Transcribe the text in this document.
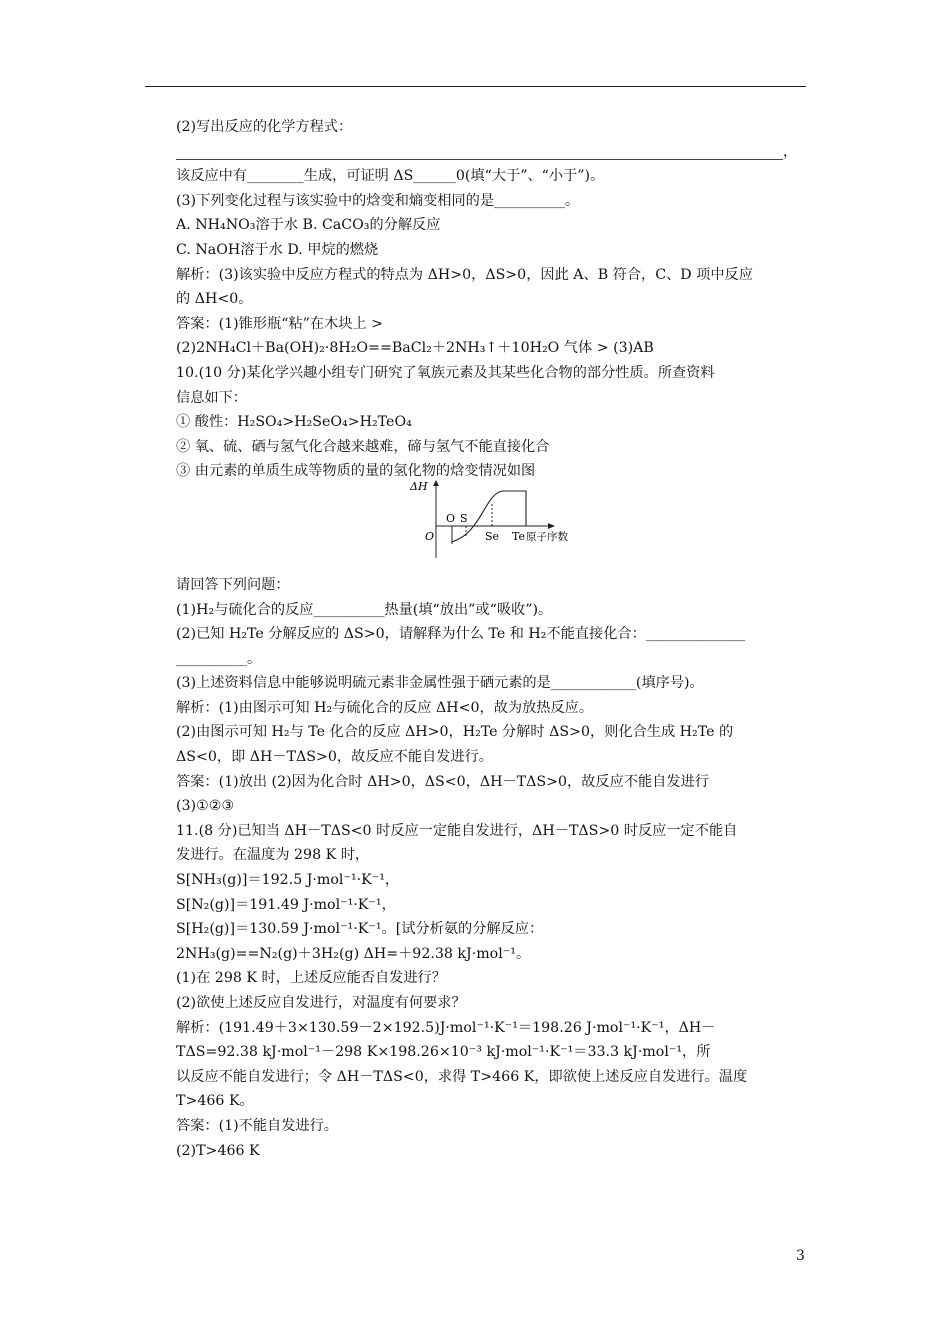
(2)写出反应的化学方程式：
，
该反应中有________生成，可证明 ΔS______0(填“大于”、“小于”)。
(3)下列变化过程与该实验中的焓变和熵变相同的是__________。
A. NH₄NO₃溶于水 B. CaCO₃的分解反应
C. NaOH溶于水 D. 甲烷的燃烧
解析：(3)该实验中反应方程式的特点为 ΔH>0，ΔS>0，因此 A、B 符合，C、D 项中反应
的 ΔH<0。
答案：(1)锥形瓶“粘”在木块上 >
(2)2NH₄Cl＋Ba(OH)₂·8H₂O==BaCl₂＋2NH₃↑＋10H₂O 气体 > (3)AB
10.(10 分)某化学兴趣小组专门研究了氧族元素及其某些化合物的部分性质。所查资料
信息如下：
① 酸性：H₂SO₄>H₂SeO₄>H₂TeO₄
② 氧、硫、硒与氢气化合越来越难，碲与氢气不能直接化合
③ 由元素的单质生成等物质的量的氢化物的焓变情况如图
ΔH
O
O S
Se Te 原子序数
请回答下列问题：
(1)H₂与硫化合的反应__________热量(填“放出”或“吸收”)。
(2)已知 H₂Te 分解反应的 ΔS>0，请解释为什么 Te 和 H₂不能直接化合：______________
__________。
(3)上述资料信息中能够说明硫元素非金属性强于硒元素的是____________(填序号)。
解析：(1)由图示可知 H₂与硫化合的反应 ΔH<0，故为放热反应。
(2)由图示可知 H₂与 Te 化合的反应 ΔH>0，H₂Te 分解时 ΔS>0，则化合生成 H₂Te 的
ΔS<0，即 ΔH－TΔS>0，故反应不能自发进行。
答案：(1)放出 (2)因为化合时 ΔH>0，ΔS<0，ΔH－TΔS>0，故反应不能自发进行
(3)①②③
11.(8 分)已知当 ΔH－TΔS<0 时反应一定能自发进行，ΔH－TΔS>0 时反应一定不能自
发进行。在温度为 298 K 时，
S[NH₃(g)]＝192.5 J·mol⁻¹·K⁻¹，
S[N₂(g)]＝191.49 J·mol⁻¹·K⁻¹，
S[H₂(g)]＝130.59 J·mol⁻¹·K⁻¹。[试分析氨的分解反应：
2NH₃(g)==N₂(g)＋3H₂(g) ΔH=＋92.38 kJ·mol⁻¹。
(1)在 298 K 时，上述反应能否自发进行？
(2)欲使上述反应自发进行，对温度有何要求？
解析：(191.49＋3×130.59－2×192.5)J·mol⁻¹·K⁻¹＝198.26 J·mol⁻¹·K⁻¹，ΔH－
TΔS=92.38 kJ·mol⁻¹－298 K×198.26×10⁻³ kJ·mol⁻¹·K⁻¹＝33.3 kJ·mol⁻¹，所
以反应不能自发进行；令 ΔH－TΔS<0，求得 T>466 K，即欲使上述反应自发进行。温度
T>466 K。
答案：(1)不能自发进行。
(2)T>466 K
3
